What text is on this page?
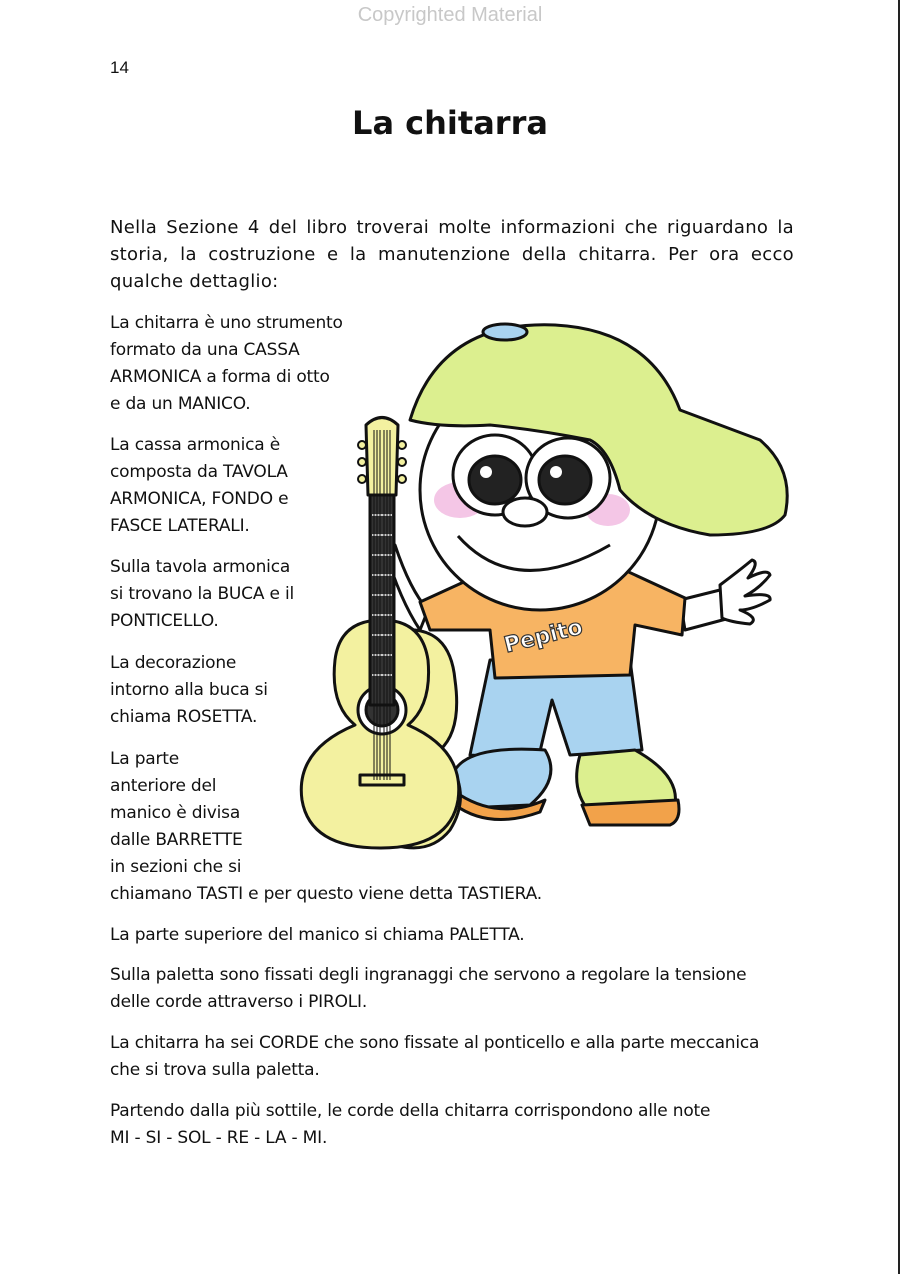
Copyrighted Material
14
La chitarra

Nella Sezione 4 del libro troverai molte informazioni che riguardano la storia, la costruzione e la manutenzione della chitarra. Per ora ecco qualche dettaglio:

La chitarra è uno strumento
formato da una CASSA
ARMONICA a forma di otto
e da un MANICO.

La cassa armonica è
composta da TAVOLA
ARMONICA, FONDO e
FASCE LATERALI.

Sulla tavola armonica
si trovano la BUCA e il
PONTICELLO.

La decorazione
intorno alla buca si
chiama ROSETTA.

La parte
anteriore del
manico è divisa
dalle BARRETTE
in sezioni che si
chiamano TASTI e per questo viene detta TASTIERA.

La parte superiore del manico si chiama PALETTA.

Sulla paletta sono fissati degli ingranaggi che servono a regolare la tensione
delle corde attraverso i PIROLI.

La chitarra ha sei CORDE che sono fissate al ponticello e alla parte meccanica
che si trova sulla paletta.

Partendo dalla più sottile, le corde della chitarra corrispondono alle note
MI - SI - SOL - RE - LA - MI.

Pepito
